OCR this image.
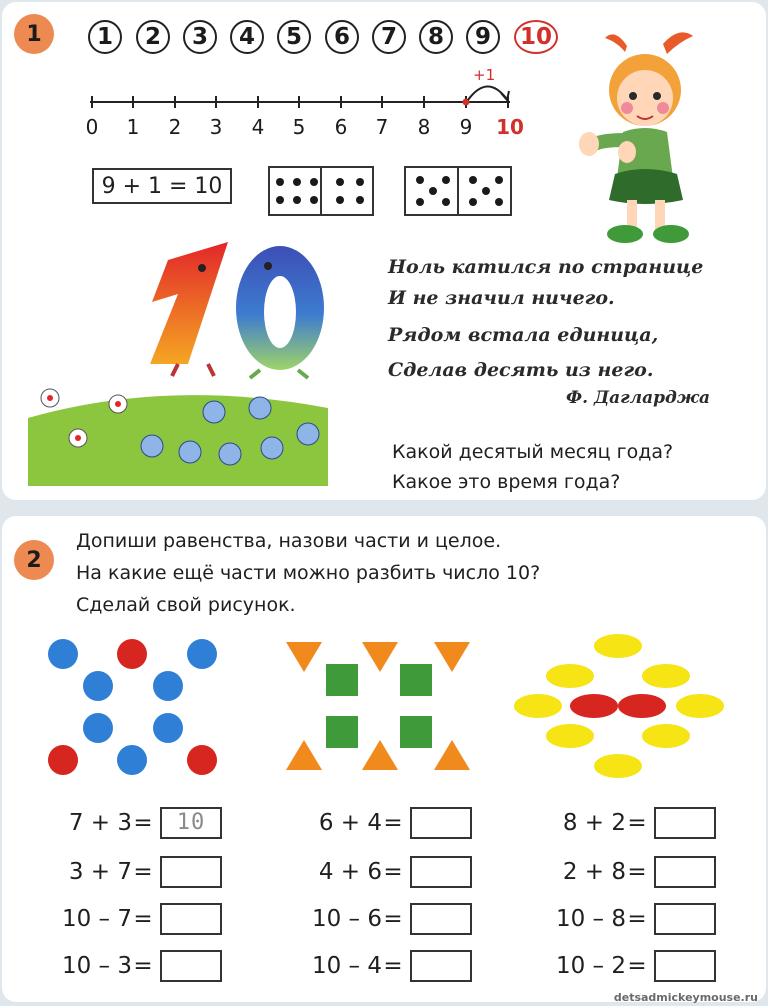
1	1	2	3	4	5	6	7	8	9	10
+1
0	1	2	3	4	5	6	7	8	9	10
9 + 1 = 10
Ноль катился по странице
И не значил ничего.
Рядом встала единица,
Сделав десять из него.
Ф. Дагларджа
Какой десятый месяц года?
Какое это время года?
2
Допиши равенства, назови части и целое.
На какие ещё части можно разбить число 10?
Сделай свой рисунок.
7 + 3 =	10
3 + 7 =
10 – 7 =
10 – 3 =
6 + 4 =
4 + 6 =
10 – 6 =
10 – 4 =
8 + 2 =
2 + 8 =
10 – 8 =
10 – 2 =
detsadmickeymouse.ru
